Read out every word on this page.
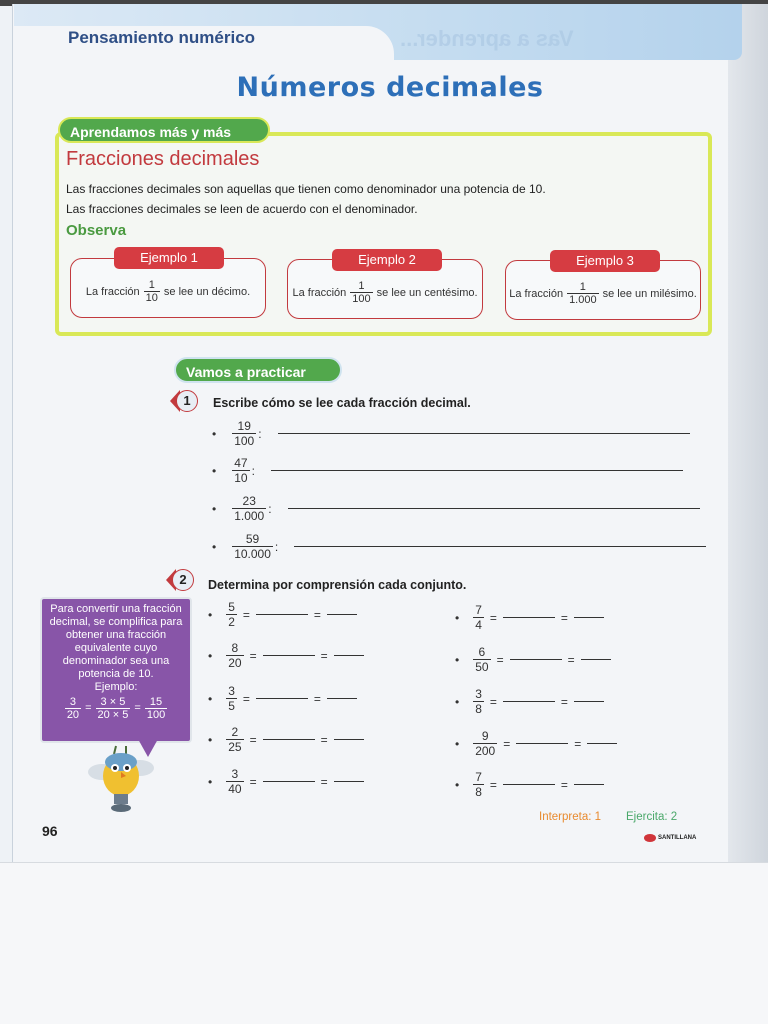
Pensamiento numérico	Vas a aprender...
Números decimales
Aprendamos más y más
Fracciones decimales
Las fracciones decimales son aquellas que tienen como denominador una potencia de 10.
Las fracciones decimales se leen de acuerdo con el denominador.
Observa
La fracción $\frac{1}{10}$ se lee un décimo.
Ejemplo 1
La fracción $\frac{1}{100}$ se lee un centésimo.
Ejemplo 2
La fracción $\frac{1}{1.000}$ se lee un milésimo.
Ejemplo 3
Vamos a practicar
1	Escribe cómo se lee cada fracción decimal.
• $\frac{19}{100}$ :
• $\frac{47}{10}$ :
• $\frac{23}{1.000}$ :
• $\frac{59}{10.000}$ :
2	Determina por comprensión cada conjunto.
• $\frac{5}{2}$ =	=
• $\frac{8}{20}$ =	=
• $\frac{3}{5}$ =	=
• $\frac{2}{25}$ =	=
• $\frac{3}{40}$ =	=
• $\frac{7}{4}$ =	=
• $\frac{6}{50}$ =	=
• $\frac{3}{8}$ =	=
• $\frac{9}{200}$ =	=
• $\frac{7}{8}$ =	=
Para convertir una fracción decimal, se complifica para obtener una fracción equivalente cuyo denominador sea una potencia de 10.
Ejemplo:
$\frac{3}{20} = \frac{3 \times 5}{20 \times 5} = \frac{15}{100}$
96
Interpreta: 1 Ejercita: 2
SANTILLANA
